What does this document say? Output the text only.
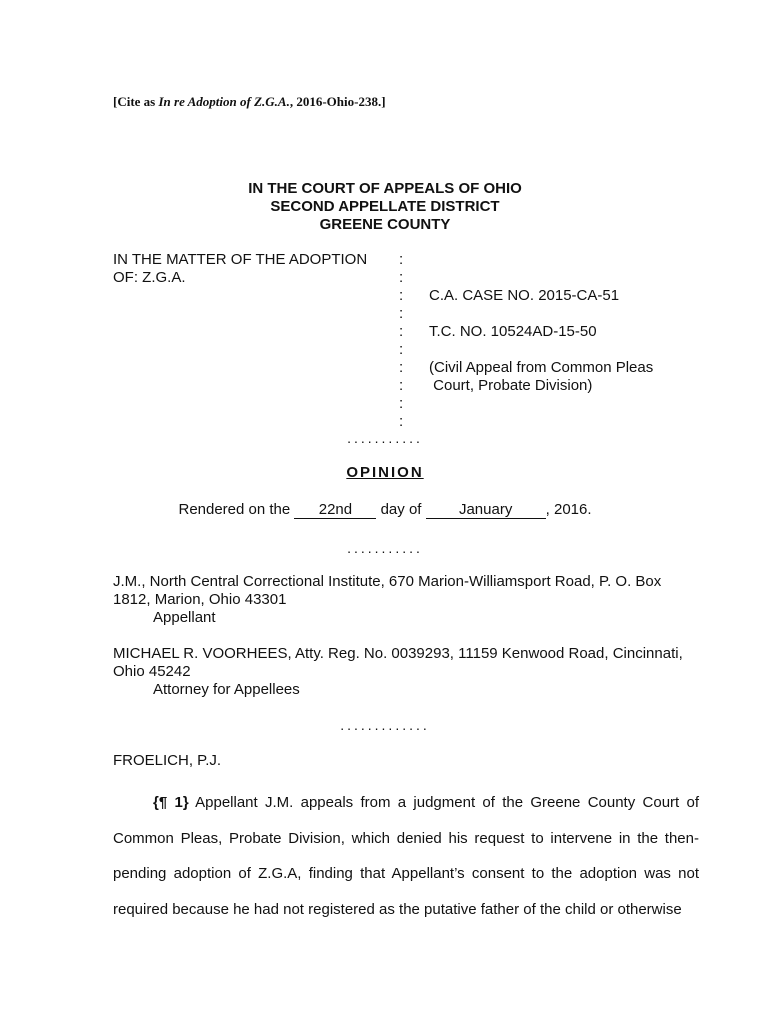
[Cite as In re Adoption of Z.G.A., 2016-Ohio-238.]
IN THE COURT OF APPEALS OF OHIO
SECOND APPELLATE DISTRICT
GREENE COUNTY
IN THE MATTER OF THE ADOPTION
OF: Z.G.A.
:
:
:
:
:
:
:
:
:
:
C.A. CASE NO. 2015-CA-51
T.C. NO. 10524AD-15-50
(Civil Appeal from Common Pleas
Court, Probate Division)
...........
OPINION
Rendered on the 22nd day of January , 2016.
...........
J.M., North Central Correctional Institute, 670 Marion-Williamsport Road, P. O. Box 1812, Marion, Ohio 43301
Appellant
MICHAEL R. VOORHEES, Atty. Reg. No. 0039293, 11159 Kenwood Road, Cincinnati, Ohio 45242
Attorney for Appellees
.............
FROELICH, P.J.
{¶ 1} Appellant J.M. appeals from a judgment of the Greene County Court of Common Pleas, Probate Division, which denied his request to intervene in the then-pending adoption of Z.G.A, finding that Appellant’s consent to the adoption was not required because he had not registered as the putative father of the child or otherwise
